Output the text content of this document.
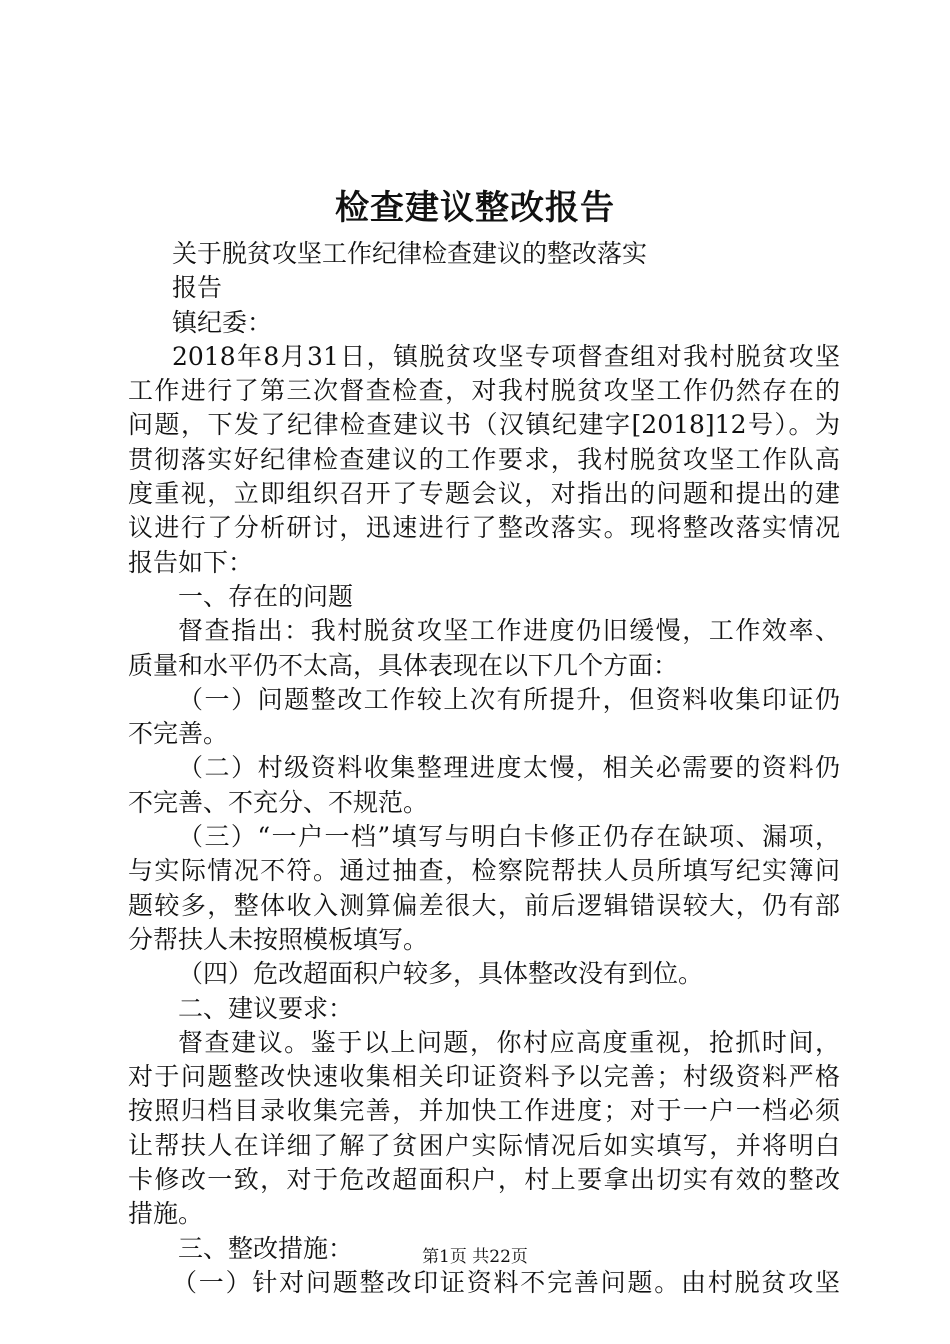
检查建议整改报告
关于脱贫攻坚工作纪律检查建议的整改落实
报告
镇纪委：
2018年8月31日，镇脱贫攻坚专项督查组对我村脱贫攻坚
工作进行了第三次督查检查，对我村脱贫攻坚工作仍然存在的
问题，下发了纪律检查建议书（汉镇纪建字[2018]12号）。为
贯彻落实好纪律检查建议的工作要求，我村脱贫攻坚工作队高
度重视，立即组织召开了专题会议，对指出的问题和提出的建
议进行了分析研讨，迅速进行了整改落实。现将整改落实情况
报告如下：
一、存在的问题
督查指出：我村脱贫攻坚工作进度仍旧缓慢，工作效率、
质量和水平仍不太高，具体表现在以下几个方面：
（一）问题整改工作较上次有所提升，但资料收集印证仍
不完善。
（二）村级资料收集整理进度太慢，相关必需要的资料仍
不完善、不充分、不规范。
（三）“一户一档”填写与明白卡修正仍存在缺项、漏项，
与实际情况不符。通过抽查，检察院帮扶人员所填写纪实簿问
题较多，整体收入测算偏差很大，前后逻辑错误较大，仍有部
分帮扶人未按照模板填写。
（四）危改超面积户较多，具体整改没有到位。
二、建议要求：
督查建议。鉴于以上问题，你村应高度重视，抢抓时间，
对于问题整改快速收集相关印证资料予以完善；村级资料严格
按照归档目录收集完善，并加快工作进度；对于一户一档必须
让帮扶人在详细了解了贫困户实际情况后如实填写，并将明白
卡修改一致，对于危改超面积户，村上要拿出切实有效的整改
措施。
三、整改措施：
（一）针对问题整改印证资料不完善问题。由村脱贫攻坚
第1页 共22页
